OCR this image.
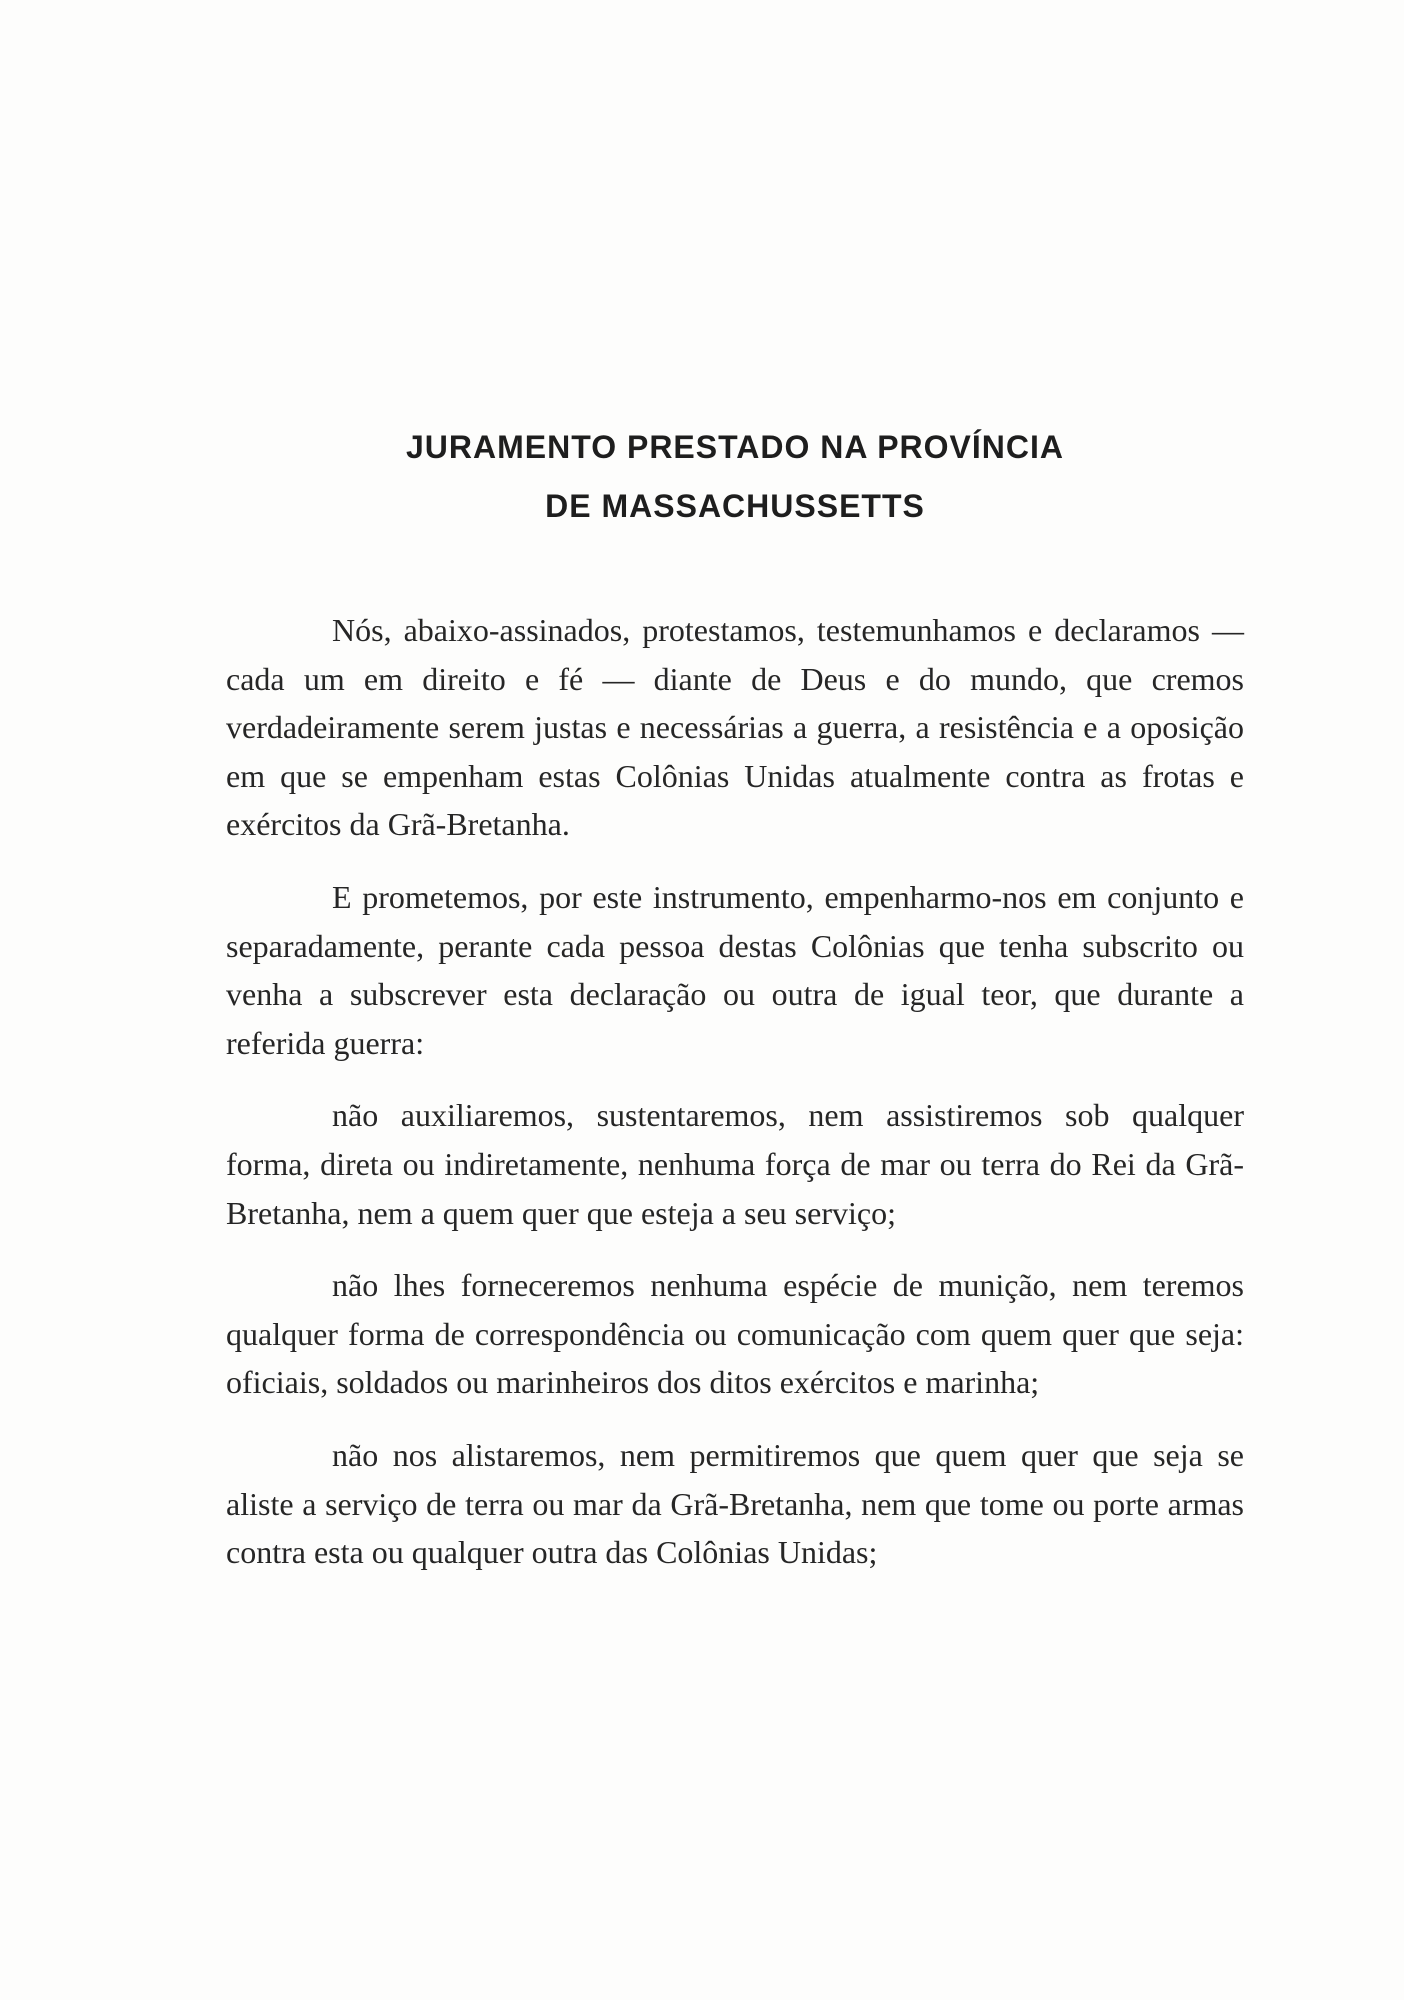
JURAMENTO PRESTADO NA PROVÍNCIA
DE MASSACHUSSETTS

Nós, abaixo-assinados, protestamos, testemunhamos e declaramos — cada um em direito e fé — diante de Deus e do mundo, que cremos verdadeiramente serem justas e necessárias a guerra, a resistência e a oposição em que se empenham estas Colônias Unidas atualmente contra as frotas e exércitos da Grã-Bretanha.

E prometemos, por este instrumento, empenharmo-nos em conjunto e separadamente, perante cada pessoa destas Colônias que tenha subscrito ou venha a subscrever esta declaração ou outra de igual teor, que durante a referida guerra:

não auxiliaremos, sustentaremos, nem assistiremos sob qualquer forma, direta ou indiretamente, nenhuma força de mar ou terra do Rei da Grã-Bretanha, nem a quem quer que esteja a seu serviço;

não lhes forneceremos nenhuma espécie de munição, nem teremos qualquer forma de correspondência ou comunicação com quem quer que seja: oficiais, soldados ou marinheiros dos ditos exércitos e marinha;

não nos alistaremos, nem permitiremos que quem quer que seja se aliste a serviço de terra ou mar da Grã-Bretanha, nem que tome ou porte armas contra esta ou qualquer outra das Colônias Unidas;
